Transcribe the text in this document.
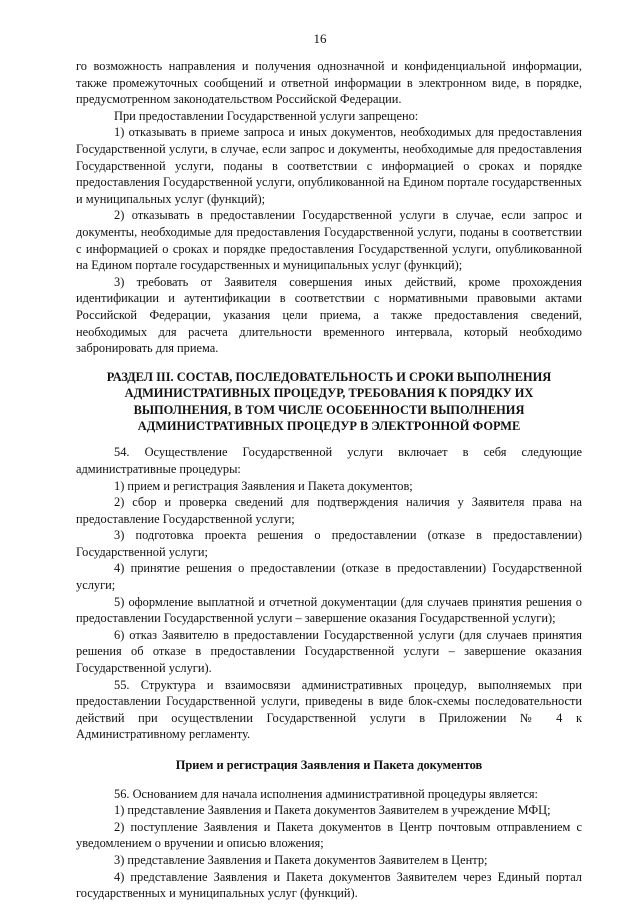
16

го возможность направления и получения однозначной и конфиденциальной информации, также промежуточных сообщений и ответной информации в электронном виде, в порядке, предусмотренном законодательством Российской Федерации.

При предоставлении Государственной услуги запрещено:

1) отказывать в приеме запроса и иных документов, необходимых для предоставления Государственной услуги, в случае, если запрос и документы, необходимые для предоставления Государственной услуги, поданы в соответствии с информацией о сроках и порядке предоставления Государственной услуги, опубликованной на Едином портале государственных и муниципальных услуг (функций);

2) отказывать в предоставлении Государственной услуги в случае, если запрос и документы, необходимые для предоставления Государственной услуги, поданы в соответствии с информацией о сроках и порядке предоставления Государственной услуги, опубликованной на Едином портале государственных и муниципальных услуг (функций);

3) требовать от Заявителя совершения иных действий, кроме прохождения идентификации и аутентификации в соответствии с нормативными правовыми актами Российской Федерации, указания цели приема, а также предоставления сведений, необходимых для расчета длительности временного интервала, который необходимо забронировать для приема.

РАЗДЕЛ III. СОСТАВ, ПОСЛЕДОВАТЕЛЬНОСТЬ И СРОКИ ВЫПОЛНЕНИЯ АДМИНИСТРАТИВНЫХ ПРОЦЕДУР, ТРЕБОВАНИЯ К ПОРЯДКУ ИХ ВЫПОЛНЕНИЯ, В ТОМ ЧИСЛЕ ОСОБЕННОСТИ ВЫПОЛНЕНИЯ АДМИНИСТРАТИВНЫХ ПРОЦЕДУР В ЭЛЕКТРОННОЙ ФОРМЕ

54. Осуществление Государственной услуги включает в себя следующие административные процедуры:

1) прием и регистрация Заявления и Пакета документов;

2) сбор и проверка сведений для подтверждения наличия у Заявителя права на предоставление Государственной услуги;

3) подготовка проекта решения о предоставлении (отказе в предоставлении) Государственной услуги;

4) принятие решения о предоставлении (отказе в предоставлении) Государственной услуги;

5) оформление выплатной и отчетной документации (для случаев принятия решения о предоставлении Государственной услуги – завершение оказания Государственной услуги);

6) отказ Заявителю в предоставлении Государственной услуги (для случаев принятия решения об отказе в предоставлении Государственной услуги – завершение оказания Государственной услуги).

55. Структура и взаимосвязи административных процедур, выполняемых при предоставлении Государственной услуги, приведены в виде блок-схемы последовательности действий при осуществлении Государственной услуги в Приложении № 4 к Административному регламенту.

Прием и регистрация Заявления и Пакета документов

56. Основанием для начала исполнения административной процедуры является:

1) представление Заявления и Пакета документов Заявителем в учреждение МФЦ;

2) поступление Заявления и Пакета документов в Центр почтовым отправлением с уведомлением о вручении и описью вложения;

3) представление Заявления и Пакета документов Заявителем в Центр;

4) представление Заявления и Пакета документов Заявителем через Единый портал государственных и муниципальных услуг (функций).
